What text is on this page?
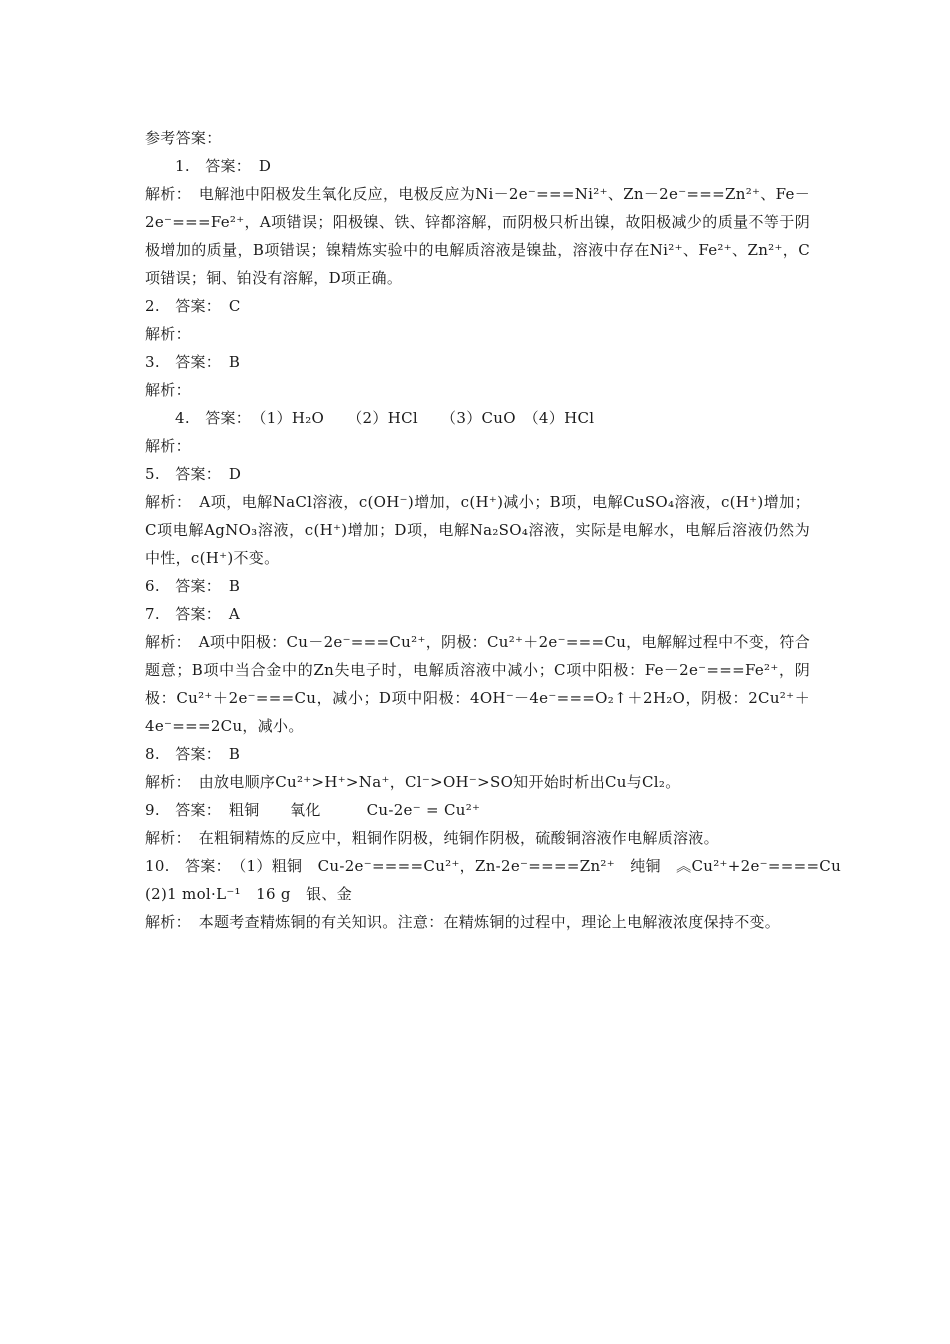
参考答案：
1.　答案：　D
解析：　电解池中阳极发生氧化反应，电极反应为Ni－2e⁻===Ni²⁺、Zn－2e⁻===Zn²⁺、Fe－2e⁻===Fe²⁺，A项错误；阳极镍、铁、锌都溶解，而阴极只析出镍，故阳极减少的质量不等于阴极增加的质量，B项错误；镍精炼实验中的电解质溶液是镍盐，溶液中存在Ni²⁺、Fe²⁺、Zn²⁺，C项错误；铜、铂没有溶解，D项正确。
2.　答案：　C
解析：
3.　答案：　B
解析：
4.　答案：　（1）H₂O　　（2）HCl　　（3）CuO　（4）HCl
解析：
5.　答案：　D
解析：　A项，电解NaCl溶液，c(OH⁻)增加，c(H⁺)减小；B项，电解CuSO₄溶液，c(H⁺)增加；C项电解AgNO₃溶液，c(H⁺)增加；D项，电解Na₂SO₄溶液，实际是电解水，电解后溶液仍然为中性，c(H⁺)不变。
6.　答案：　B
7.　答案：　A
解析：　A项中阳极：Cu－2e⁻===Cu²⁺，阴极：Cu²⁺＋2e⁻===Cu，电解解过程中不变，符合题意；B项中当合金中的Zn失电子时，电解质溶液中减小；C项中阳极：Fe－2e⁻===Fe²⁺，阴极：Cu²⁺＋2e⁻===Cu，减小；D项中阳极：4OH⁻－4e⁻===O₂↑＋2H₂O，阴极：2Cu²⁺＋4e⁻===2Cu，减小。
8.　答案：　B
解析：　由放电顺序Cu²⁺>H⁺>Na⁺，Cl⁻>OH⁻>SO知开始时析出Cu与Cl₂。
9.　答案：　粗铜　　氧化　　　Cu-2e⁻ = Cu²⁺
解析：　在粗铜精炼的反应中，粗铜作阴极，纯铜作阴极，硫酸铜溶液作电解质溶液。
10.　答案：　（1）粗铜　Cu-2e⁻====Cu²⁺，Zn-2e⁻====Zn²⁺　纯铜　︽Cu²⁺+2e⁻====Cu
(2)1 mol·L⁻¹　16 g　银、金
解析：　本题考查精炼铜的有关知识。注意：在精炼铜的过程中，理论上电解液浓度保持不变。
